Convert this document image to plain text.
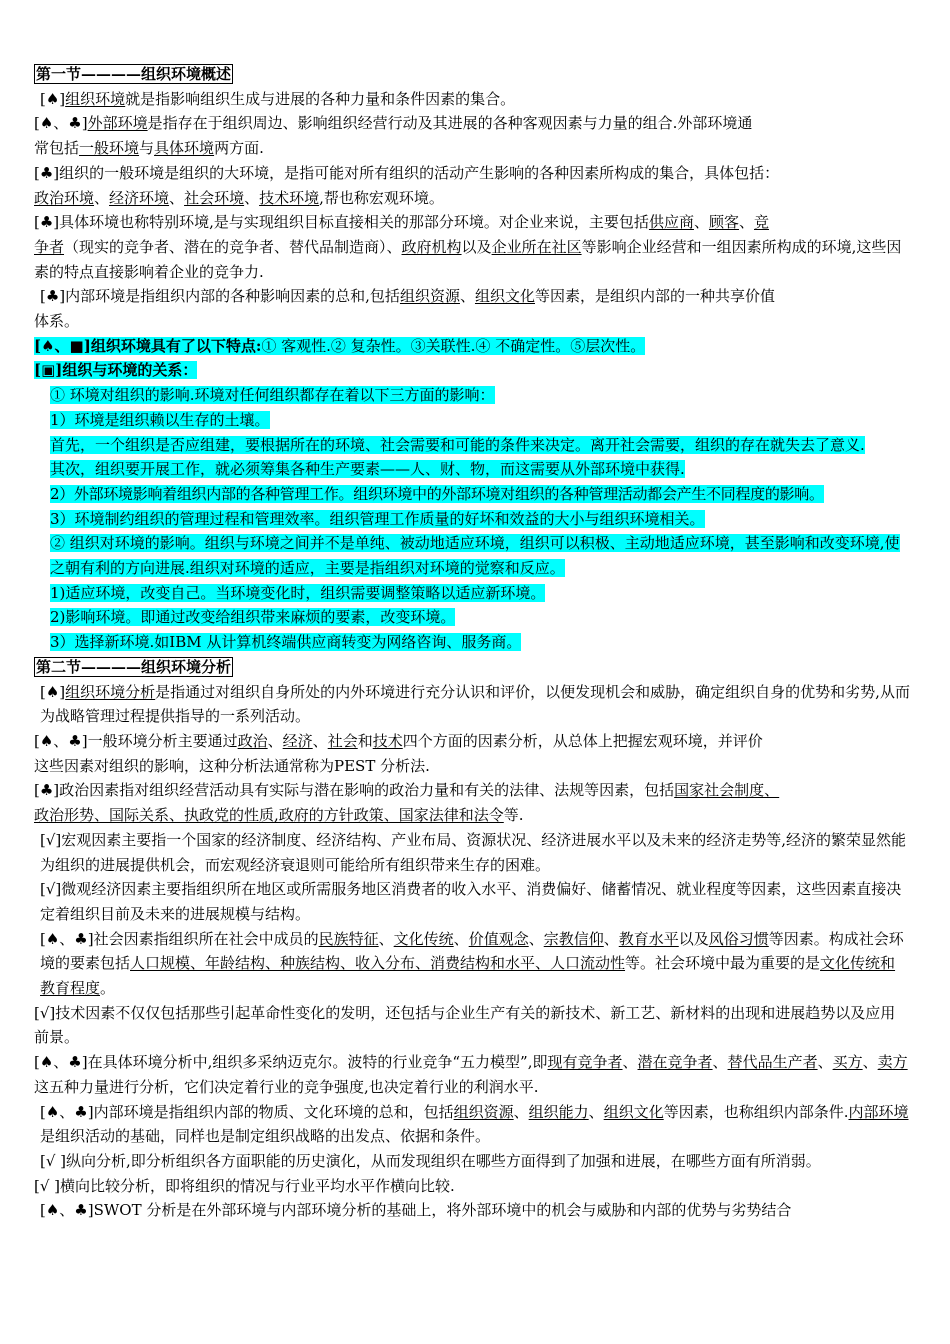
第一节————组织环境概述
[♠]组织环境就是指影响组织生成与进展的各种力量和条件因素的集合。
[♠、♣]外部环境是指存在于组织周边、影响组织经营行动及其进展的各种客观因素与力量的组合.外部环境通
常包括一般环境与具体环境两方面.
[♣]组织的一般环境是组织的大环境，是指可能对所有组织的活动产生影响的各种因素所构成的集合，具体包括：
政治环境、经济环境、社会环境、技术环境,帮也称宏观环境。
[♣]具体环境也称特别环境,是与实现组织目标直接相关的那部分环境。对企业来说，主要包括供应商、顾客、竞
争者（现实的竞争者、潜在的竞争者、替代品制造商）、政府机构以及企业所在社区等影响企业经营和一组因素所构成的环境,这些因素的特点直接影响着企业的竞争力.
[♣]内部环境是指组织内部的各种影响因素的总和,包括组织资源、组织文化等因素，是组织内部的一种共享价值

体系。
[♠、■]组织环境具有了以下特点:① 客观性.② 复杂性。③关联性.④ 不确定性。⑤层次性。
[▣]组织与环境的关系：
① 环境对组织的影响.环境对任何组织都存在着以下三方面的影响：
1）环境是组织赖以生存的土壤。
首先，一个组织是否应组建，要根据所在的环境、社会需要和可能的条件来决定。离开社会需要，组织的存在就失去了意义.
其次，组织要开展工作，就必须筹集各种生产要素——人、财、物，而这需要从外部环境中获得.
2）外部环境影响着组织内部的各种管理工作。组织环境中的外部环境对组织的各种管理活动都会产生不同程度的影响。
3）环境制约组织的管理过程和管理效率。组织管理工作质量的好坏和效益的大小与组织环境相关。
② 组织对环境的影响。组织与环境之间并不是单纯、被动地适应环境，组织可以积极、主动地适应环境，甚至影响和改变环境,使之朝有利的方向进展.组织对环境的适应，主要是指组织对环境的觉察和反应。
1)适应环境，改变自己。当环境变化时，组织需要调整策略以适应新环境。
2)影响环境。即通过改变给组织带来麻烦的要素，改变环境。
3）选择新环境.如IBM 从计算机终端供应商转变为网络咨询、服务商。
第二节————组织环境分析
[♠]组织环境分析是指通过对组织自身所处的内外环境进行充分认识和评价，以便发现机会和威胁，确定组织自身的优势和劣势,从而为战略管理过程提供指导的一系列活动。
[♠、♣]一般环境分析主要通过政治、经济、社会和技术四个方面的因素分析，从总体上把握宏观环境，并评价
这些因素对组织的影响，这种分析法通常称为PEST 分析法.
[♣]政治因素指对组织经营活动具有实际与潜在影响的政治力量和有关的法律、法规等因素，包括国家社会制度、
政治形势、国际关系、执政党的性质,政府的方针政策、国家法律和法令等.
[√]宏观因素主要指一个国家的经济制度、经济结构、产业布局、资源状况、经济进展水平以及未来的经济走势等,经济的繁荣显然能为组织的进展提供机会，而宏观经济衰退则可能给所有组织带来生存的困难。
[√]微观经济因素主要指组织所在地区或所需服务地区消费者的收入水平、消费偏好、储蓄情况、就业程度等因素，这些因素直接决定着组织目前及未来的进展规模与结构。
[♠、♣]社会因素指组织所在社会中成员的民族特征、文化传统、价值观念、宗教信仰、教育水平以及风俗习惯等因素。构成社会环境的要素包括人口规模、年龄结构、种族结构、收入分布、消费结构和水平、人口流动性等。社会环境中最为重要的是文化传统和教育程度。
[√]技术因素不仅仅包括那些引起革命性变化的发明，还包括与企业生产有关的新技术、新工艺、新材料的出现和进展趋势以及应用前景。
[♠、♣]在具体环境分析中,组织多采纳迈克尔。波特的行业竞争“五力模型”,即现有竞争者、潜在竞争者、替代品生产者、买方、卖方这五种力量进行分析，它们决定着行业的竞争强度,也决定着行业的利润水平.
[♠、♣]内部环境是指组织内部的物质、文化环境的总和，包括组织资源、组织能力、组织文化等因素，也称组织内部条件.内部环境是组织活动的基础，同样也是制定组织战略的出发点、依据和条件。
[√ ]纵向分析,即分析组织各方面职能的历史演化，从而发现组织在哪些方面得到了加强和进展，在哪些方面有所消弱。
[√ ]横向比较分析，即将组织的情况与行业平均水平作横向比较.
[♠、♣]SWOT 分析是在外部环境与内部环境分析的基础上，将外部环境中的机会与威胁和内部的优势与劣势结合
